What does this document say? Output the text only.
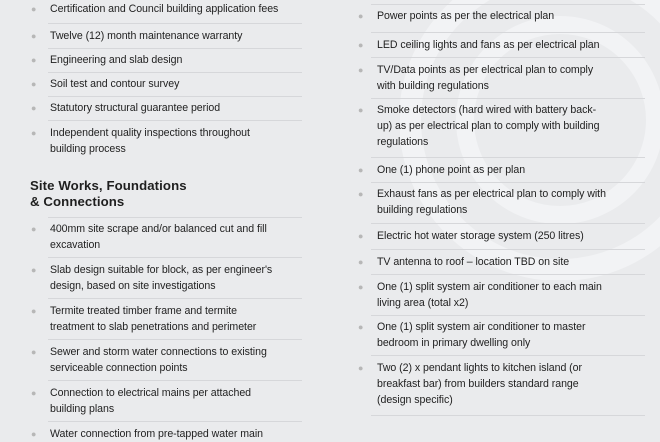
● Certification and Council building application fees
● Twelve (12) month maintenance warranty
● Engineering and slab design
● Soil test and contour survey
● Statutory structural guarantee period
● Independent quality inspections throughout
building process
Site Works, Foundations
& Connections
● 400mm site scrape and/or balanced cut and fill
excavation
● Slab design suitable for block, as per engineer's
design, based on site investigations
● Termite treated timber frame and termite
treatment to slab penetrations and perimeter
● Sewer and storm water connections to existing
serviceable connection points
● Connection to electrical mains per attached
building plans
● Water connection from pre-tapped water main
● Power points as per the electrical plan
● LED ceiling lights and fans as per electrical plan
● TV/Data points as per electrical plan to comply
with building regulations
● Smoke detectors (hard wired with battery back-
up) as per electrical plan to comply with building
regulations
● One (1) phone point as per plan
● Exhaust fans as per electrical plan to comply with
building regulations
● Electric hot water storage system (250 litres)
● TV antenna to roof – location TBD on site
● One (1) split system air conditioner to each main
living area (total x2)
● One (1) split system air conditioner to master
bedroom in primary dwelling only
● Two (2) x pendant lights to kitchen island (or
breakfast bar) from builders standard range
(design specific)
